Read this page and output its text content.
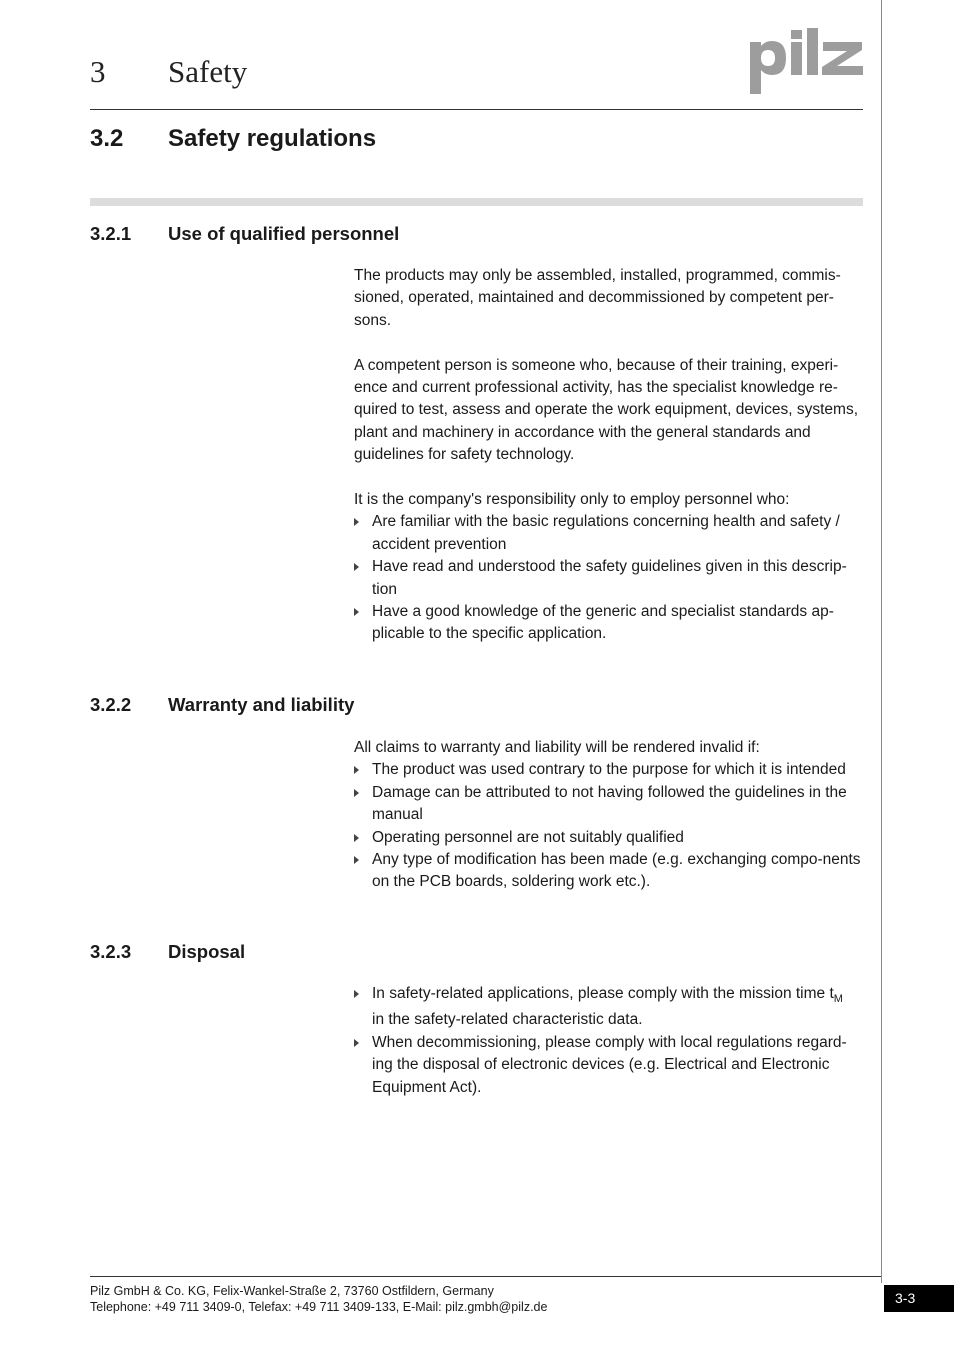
3 Safety
3.2 Safety regulations
3.2.1 Use of qualified personnel

The products may only be assembled, installed, programmed, commis-sioned, operated, maintained and decommissioned by competent per-sons.

A competent person is someone who, because of their training, experi-ence and current professional activity, has the specialist knowledge re-quired to test, assess and operate the work equipment, devices, systems, plant and machinery in accordance with the general standards and guidelines for safety technology.

It is the company's responsibility only to employ personnel who:

Are familiar with the basic regulations concerning health and safety / accident prevention
Have read and understood the safety guidelines given in this descrip-tion
Have a good knowledge of the generic and specialist standards ap-plicable to the specific application.
3.2.2 Warranty and liability

All claims to warranty and liability will be rendered invalid if:

The product was used contrary to the purpose for which it is intended
Damage can be attributed to not having followed the guidelines in the manual
Operating personnel are not suitably qualified
Any type of modification has been made (e.g. exchanging compo-nents on the PCB boards, soldering work etc.).
3.2.3 Disposal
In safety-related applications, please comply with the mission time $t_M$
in the safety-related characteristic data.
When decommissioning, please comply with local regulations regard-ing the disposal of electronic devices (e.g. Electrical and Electronic Equipment Act).
Pilz GmbH & Co. KG, Felix-Wankel-Straße 2, 73760 Ostfildern, Germany
Telephone: +49 711 3409-0, Telefax: +49 711 3409-133, E-Mail: pilz.gmbh@pilz.de
3-3
